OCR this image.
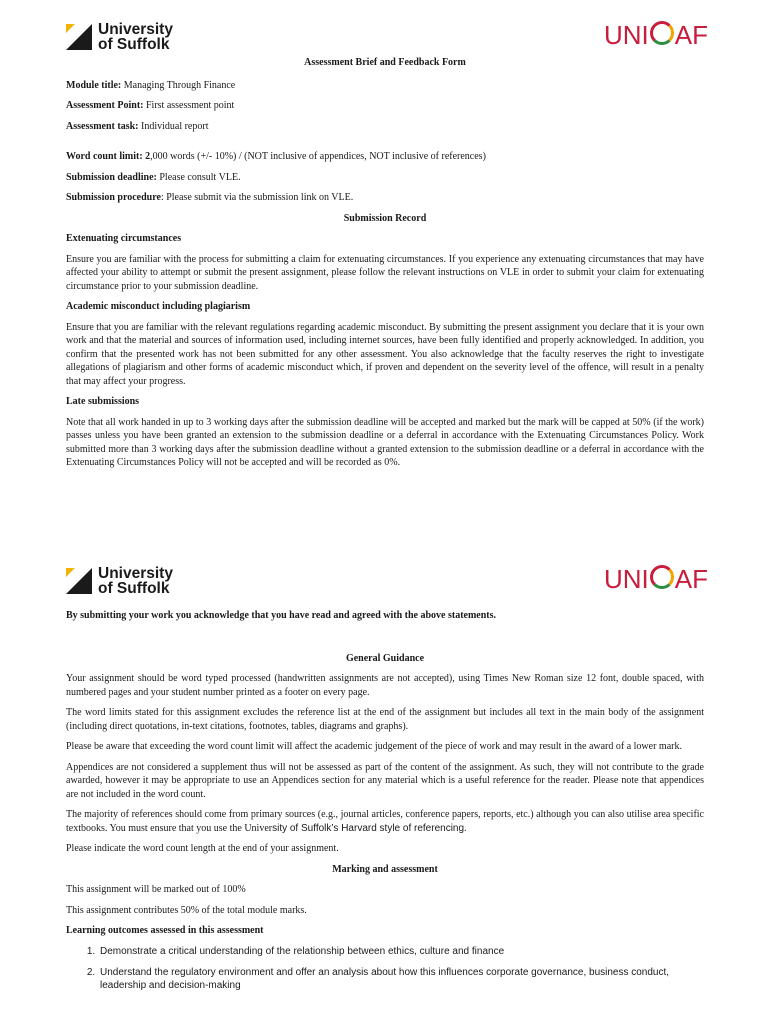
University
of Suffolk	UNI AF

Assessment Brief and Feedback Form

Module title: Managing Through Finance

Assessment Point: First assessment point

Assessment task: Individual report

Word count limit: 2,000 words (+/- 10%) / (NOT inclusive of appendices, NOT inclusive of references)

Submission deadline: Please consult VLE.

Submission procedure: Please submit via the submission link on VLE.

Submission Record

Extenuating circumstances

Ensure you are familiar with the process for submitting a claim for extenuating circumstances. If you experience any extenuating circumstances that may have affected your ability to attempt or submit the present assignment, please follow the relevant instructions on VLE in order to submit your claim for extenuating circumstance prior to your submission deadline.

Academic misconduct including plagiarism

Ensure that you are familiar with the relevant regulations regarding academic misconduct. By submitting the present assignment you declare that it is your own work and that the material and sources of information used, including internet sources, have been fully identified and properly acknowledged. In addition, you confirm that the presented work has not been submitted for any other assessment. You also acknowledge that the faculty reserves the right to investigate allegations of plagiarism and other forms of academic misconduct which, if proven and dependent on the severity level of the offence, will result in a penalty that may affect your progress.

Late submissions

Note that all work handed in up to 3 working days after the submission deadline will be accepted and marked but the mark will be capped at 50% (if the work) passes unless you have been granted an extension to the submission deadline or a deferral in accordance with the Extenuating Circumstances Policy. Work submitted more than 3 working days after the submission deadline without a granted extension to the submission deadline or a deferral in accordance with the Extenuating Circumstances Policy will not be accepted and will be recorded as 0%.

University
of Suffolk	UNI AF

By submitting your work you acknowledge that you have read and agreed with the above statements.

General Guidance

Your assignment should be word typed processed (handwritten assignments are not accepted), using Times New Roman size 12 font, double spaced, with numbered pages and your student number printed as a footer on every page.

The word limits stated for this assignment excludes the reference list at the end of the assignment but includes all text in the main body of the assignment (including direct quotations, in-text citations, footnotes, tables, diagrams and graphs).

Please be aware that exceeding the word count limit will affect the academic judgement of the piece of work and may result in the award of a lower mark.

Appendices are not considered a supplement thus will not be assessed as part of the content of the assignment. As such, they will not contribute to the grade awarded, however it may be appropriate to use an Appendices section for any material which is a useful reference for the reader. Please note that appendices are not included in the word count.

The majority of references should come from primary sources (e.g., journal articles, conference papers, reports, etc.) although you can also utilise area specific textbooks. You must ensure that you use the University of Suffolk’s Harvard style of referencing.

Please indicate the word count length at the end of your assignment.

Marking and assessment

This assignment will be marked out of 100%

This assignment contributes 50% of the total module marks.

Learning outcomes assessed in this assessment

1. Demonstrate a critical understanding of the relationship between ethics, culture and finance
2. Understand the regulatory environment and offer an analysis about how this influences corporate governance, business conduct, leadership and decision-making
